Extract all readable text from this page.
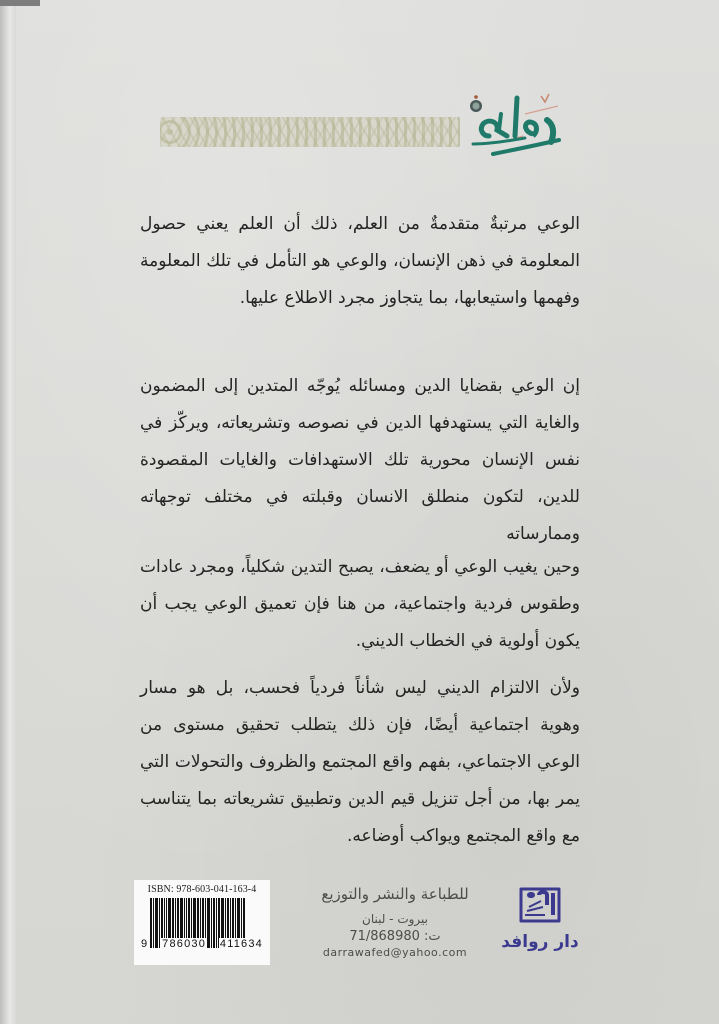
الوعي مرتبةٌ متقدمةٌ من العلم، ذلك أن العلم يعني حصول المعلومة في ذهن الإنسان، والوعي هو التأمل في تلك المعلومة وفهمها واستيعابها، بما يتجاوز مجرد الاطلاع عليها.

إن الوعي بقضايا الدين ومسائله يُوجّه المتدين إلى المضمون والغاية التي يستهدفها الدين في نصوصه وتشريعاته، ويركّز في نفس الإنسان محورية تلك الاستهدافات والغايات المقصودة للدين، لتكون منطلق الانسان وقبلته في مختلف توجهاته وممارساته

وحين يغيب الوعي أو يضعف، يصبح التدين شكلياً، ومجرد عادات وطقوس فردية واجتماعية، من هنا فإن تعميق الوعي يجب أن يكون أولوية في الخطاب الديني.

ولأن الالتزام الديني ليس شأناً فردياً فحسب، بل هو مسار وهوية اجتماعية أيضًا، فإن ذلك يتطلب تحقيق مستوى من الوعي الاجتماعي، بفهم واقع المجتمع والظروف والتحولات التي يمر بها، من أجل تنزيل قيم الدين وتطبيق تشريعاته بما يتناسب مع واقع المجتمع ويواكب أوضاعه.

ISBN: 978-603-041-163-4
9 786030 411634
للطباعة والنشر والتوزيع
بيروت - لبنان
ت: 71/868980
darrawafed@yahoo.com
دار روافد
